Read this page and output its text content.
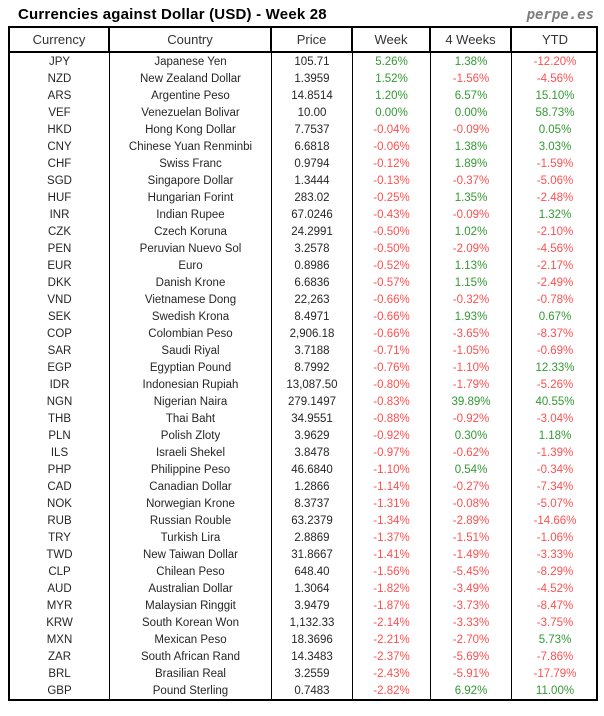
Currencies against Dollar (USD) - Week 28	perpe.es
Currency	Country	Price	Week	4 Weeks	YTD
JPY	Japanese Yen	105.71	5.26%	1.38%	-12.20%
NZD	New Zealand Dollar	1.3959	1.52%	-1.56%	-4.56%
ARS	Argentine Peso	14.8514	1.20%	6.57%	15.10%
VEF	Venezuelan Bolivar	10.00	0.00%	0.00%	58.73%
HKD	Hong Kong Dollar	7.7537	-0.04%	-0.09%	0.05%
CNY	Chinese Yuan Renminbi	6.6818	-0.06%	1.38%	3.03%
CHF	Swiss Franc	0.9794	-0.12%	1.89%	-1.59%
SGD	Singapore Dollar	1.3444	-0.13%	-0.37%	-5.06%
HUF	Hungarian Forint	283.02	-0.25%	1.35%	-2.48%
INR	Indian Rupee	67.0246	-0.43%	-0.09%	1.32%
CZK	Czech Koruna	24.2991	-0.50%	1.02%	-2.10%
PEN	Peruvian Nuevo Sol	3.2578	-0.50%	-2.09%	-4.56%
EUR	Euro	0.8986	-0.52%	1.13%	-2.17%
DKK	Danish Krone	6.6836	-0.57%	1.15%	-2.49%
VND	Vietnamese Dong	22,263	-0.66%	-0.32%	-0.78%
SEK	Swedish Krona	8.4971	-0.66%	1.93%	0.67%
COP	Colombian Peso	2,906.18	-0.66%	-3.65%	-8.37%
SAR	Saudi Riyal	3.7188	-0.71%	-1.05%	-0.69%
EGP	Egyptian Pound	8.7992	-0.76%	-1.10%	12.33%
IDR	Indonesian Rupiah	13,087.50	-0.80%	-1.79%	-5.26%
NGN	Nigerian Naira	279.1497	-0.83%	39.89%	40.55%
THB	Thai Baht	34.9551	-0.88%	-0.92%	-3.04%
PLN	Polish Zloty	3.9629	-0.92%	0.30%	1.18%
ILS	Israeli Shekel	3.8478	-0.97%	-0.62%	-1.39%
PHP	Philippine Peso	46.6840	-1.10%	0.54%	-0.34%
CAD	Canadian Dollar	1.2866	-1.14%	-0.27%	-7.34%
NOK	Norwegian Krone	8.3737	-1.31%	-0.08%	-5.07%
RUB	Russian Rouble	63.2379	-1.34%	-2.89%	-14.66%
TRY	Turkish Lira	2.8869	-1.37%	-1.51%	-1.06%
TWD	New Taiwan Dollar	31.8667	-1.41%	-1.49%	-3.33%
CLP	Chilean Peso	648.40	-1.56%	-5.45%	-8.29%
AUD	Australian Dollar	1.3064	-1.82%	-3.49%	-4.52%
MYR	Malaysian Ringgit	3.9479	-1.87%	-3.73%	-8.47%
KRW	South Korean Won	1,132.33	-2.14%	-3.33%	-3.75%
MXN	Mexican Peso	18.3696	-2.21%	-2.70%	5.73%
ZAR	South African Rand	14.3483	-2.37%	-5.69%	-7.86%
BRL	Brasilian Real	3.2559	-2.43%	-5.91%	-17.79%
GBP	Pound Sterling	0.7483	-2.82%	6.92%	11.00%
